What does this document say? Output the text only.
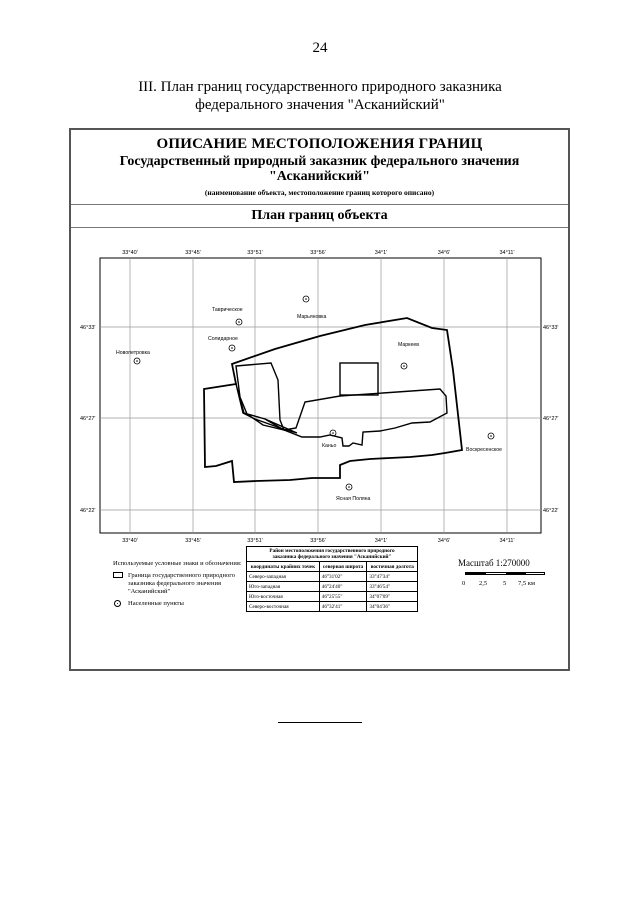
24
III. План границ государственного природного заказника
федерального значения "Асканийский"
ОПИСАНИЕ МЕСТОПОЛОЖЕНИЯ ГРАНИЦ
Государственный природный заказник федерального значения
"Асканийский"
(наименование объекта, местоположение границ которого описано)
План границ объекта
33°40'	33°45'	33°51'	33°56'	34°1'	34°6'	34°11'
33°40'	33°45'	33°51'	33°56'	34°1'	34°6'	34°11'
46°33'
46°27'
46°22'
46°33'
46°27'
46°22'
Таврическое
Марьяновка
Солидарное
Новопетровка
Маркеев
Воскресенское
Каньо
Ясная Поляна
Используемые условные знаки и обозначения:
Граница государственного природного
заказника федерального значения
"Асканийский"
Населенные пункты
Район местоположения государственного природного
заказника федерального значения "Асканийский"		

координаты крайних точек	северная широта	восточная долгота
Северо-западная	46°31'02"	33°47'34"
Юго-западная	46°24'40"	33°46'54"
Юго-восточная	46°25'55"	34°07'09"
Северо-восточная	46°32'41"	34°04'36"
Масштаб 1:270000
0 2,5 5 7,5 км
